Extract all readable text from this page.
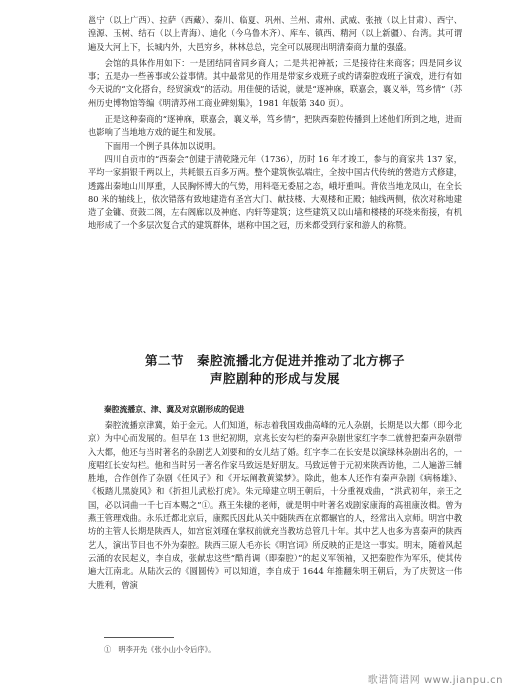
邕宁（以上广西）、拉萨（西藏）、秦川、临夏、巩州、兰州、肃州、武威、张掖（以上甘肃）、西宁、湟源、玉树、结石（以上青海）、迪化（今乌鲁木齐）、库车、镇西、精河（以上新疆）、台湾。其可谓遍及大河上下，长城内外，大邑穷乡，林林总总，完全可以展现出明清秦商力量的强盛。

会馆的具体作用如下：一是团结同省同乡商人；二是共祀神祇；三是接待往来商客；四是同乡议事；五是办一些善事或公益事情。其中最常见的作用是带家乡戏班子或约请秦腔戏班子演戏，进行有如今天说的“文化搭台，经贸演戏”的活动。用佳便的话说，就是“逐神庥，联嘉会，襄义举，笃乡情”（苏州历史博物馆等编《明清苏州工商业碑刻集》，1981 年版第 340 页）。

正是这种秦商的“逐神庥，联嘉会，襄义举，笃乡情”，把陕西秦腔传播到上述他们所到之地，进而也影响了当地地方戏的诞生和发展。

下面用一个例子具体加以说明。

四川自贡市的“西秦会”创建于清乾隆元年（1736），历时 16 年才竣工，参与的商家共 137 家，平均一家捐银千两以上，共耗银五百多万两。整个建筑恢弘端庄，全按中国古代传统的營造方式修建，透露出秦地山川厚重，人民胸怀博大的气势，用料毫无委屈之态，峨圩重叫。背依当地龙凤山，在全长 80 米的轴线上，依次错落有致地建造有圣宫大门、献技楼、大观楼和正殿；轴线两侧，依次对称地建造了金镛、贲鼓二阁，左右阁廊以及神庭、内轩等建筑；这些建筑又以山墙和楼楼的环绕来衔接，有机地形成了一个多层次复合式的建筑群体，堪称中国之冠，历来都受到行家和游人的称赞。

第二节　秦腔流播北方促进并推动了北方梆子
声腔剧种的形成与发展
秦腔流播京、津、冀及对京剧形成的促进

秦腔流播京津冀，始于金元。人们知道，标志着我国戏曲高峰的元人杂剧，长期是以大都（即今北京）为中心而发展的。但早在 13 世纪初期，京兆长安勾栏的秦声杂剧世家红字李二就曾把秦声杂剧带入大都，他还与当时著名的杂剧艺人刘要和的女儿结了婚。红字李二在长安是以演绿林杂剧出名的，一度唱红长安勾栏。他和当时另一著名作家马致远是好朋友。马致远曾于元初来陕西访他，二人遍游三辅胜地，合作创作了杂剧《任风子》和《开坛阐教黄粱梦》。除此，他本人还作有秦声杂剧《病杨雄》、《板踏儿黑旋风》和《折担儿武松打虎》。朱元璋建立明王朝后，十分重视戏曲，“洪武初年，亲王之国，必以词曲一千七百本赐之”①。燕王朱棣的老师，就是明中叶著名戏剧家康海的高祖康汝楫。曾为燕王管理戏曲。永乐迁都北京后，康熙氏因此从关中随陕西在京都辗官的人，经常出入京师。明宫中教坊的主管人长期是陕西人，如宫宦刘瑾在掌权前就充当教坊总管几十年。其中艺人也多为喜秦声的陕西艺人，演出节目也不外为秦腔。陕西三原人毛亦长《明宫词》所反映的正是这一事实。明末，随着风起云涌的农民起义，李自成，张献忠这些“酷肖调（即秦腔）”的起义军领袖，又把秦腔作为军乐，使其传遍大江南北。从陆次云的《圆圆传》可以知道，李自成于 1644 年推翻朱明王朝后，为了庆贺这一伟大胜利，曾演

①　明李开先《张小山小令后序》。
歌谱简谱网 www.jianpu.cn
